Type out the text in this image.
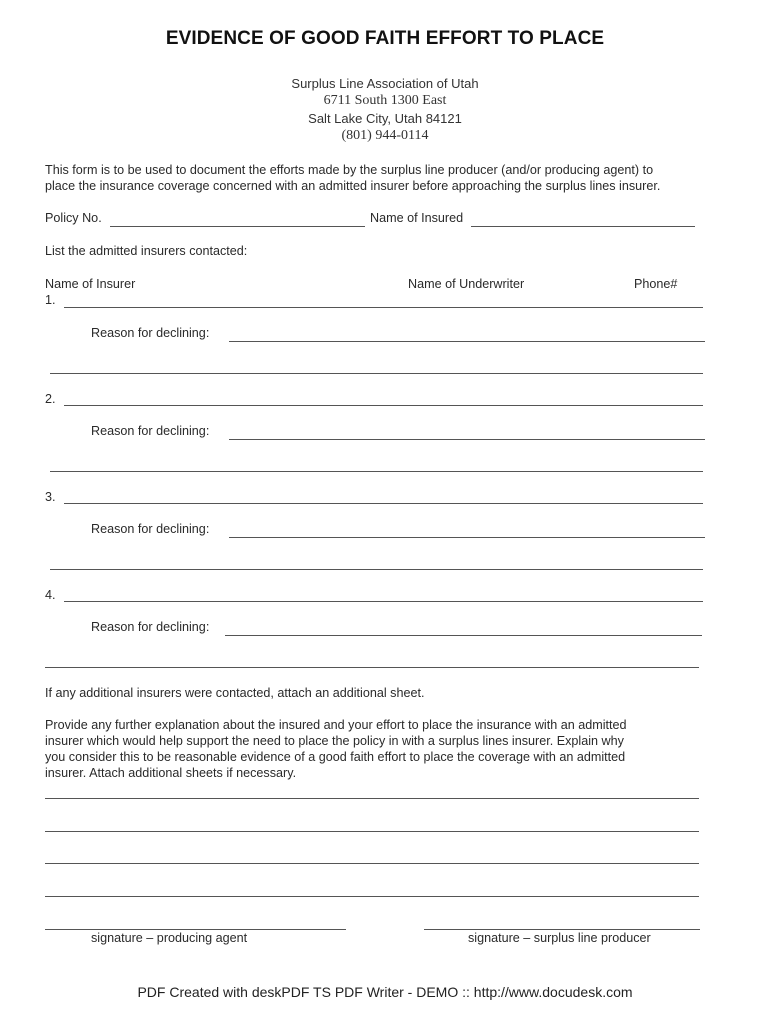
EVIDENCE OF GOOD FAITH EFFORT TO PLACE
Surplus Line Association of Utah
6711 South 1300 East
Salt Lake City, Utah 84121
(801) 944-0114
This form is to be used to document the efforts made by the surplus line producer (and/or producing agent) to
place the insurance coverage concerned with an admitted insurer before approaching the surplus lines insurer.
Policy No.	Name of Insured
List the admitted insurers contacted:
Name of Insurer	Name of Underwriter	Phone#
1.
Reason for declining:
2.
Reason for declining:
3.
Reason for declining:
4.
Reason for declining:
If any additional insurers were contacted, attach an additional sheet.
Provide any further explanation about the insured and your effort to place the insurance with an admitted
insurer which would help support the need to place the policy in with a surplus lines insurer. Explain why
you consider this to be reasonable evidence of a good faith effort to place the coverage with an admitted
insurer. Attach additional sheets if necessary.
signature – producing agent	signature – surplus line producer
PDF Created with deskPDF TS PDF Writer - DEMO :: http://www.docudesk.com
